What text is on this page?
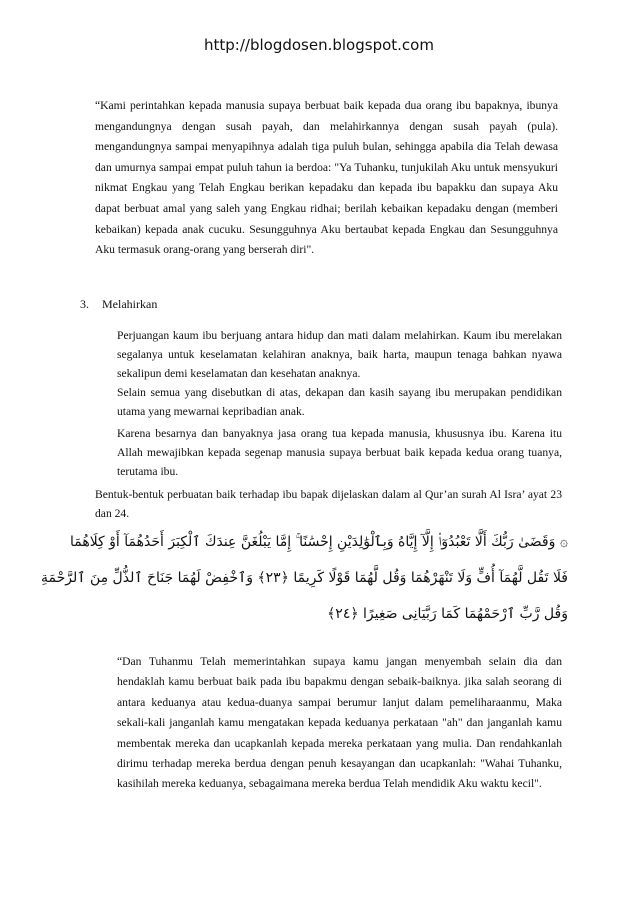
http://blogdosen.blogspot.com
“Kami perintahkan kepada manusia supaya berbuat baik kepada dua orang ibu bapaknya, ibunya mengandungnya dengan susah payah, dan melahirkannya dengan susah payah (pula). mengandungnya sampai menyapihnya adalah tiga puluh bulan, sehingga apabila dia Telah dewasa dan umurnya sampai empat puluh tahun ia berdoa: "Ya Tuhanku, tunjukilah Aku untuk mensyukuri nikmat Engkau yang Telah Engkau berikan kepadaku dan kepada ibu bapakku dan supaya Aku dapat berbuat amal yang saleh yang Engkau ridhai; berilah kebaikan kepadaku dengan (memberi kebaikan) kepada anak cucuku. Sesungguhnya Aku bertaubat kepada Engkau dan Sesungguhnya Aku termasuk orang-orang yang berserah diri".
3. Melahirkan
Perjuangan kaum ibu berjuang antara hidup dan mati dalam melahirkan. Kaum ibu merelakan segalanya untuk keselamatan kelahiran anaknya, baik harta, maupun tenaga bahkan nyawa sekalipun demi keselamatan dan kesehatan anaknya.
Selain semua yang disebutkan di atas, dekapan dan kasih sayang ibu merupakan pendidikan utama yang mewarnai kepribadian anak.
Karena besarnya dan banyaknya jasa orang tua kepada manusia, khususnya ibu. Karena itu Allah mewajibkan kepada segenap manusia supaya berbuat baik kepada kedua orang tuanya, terutama ibu.
Bentuk-bentuk perbuatan baik terhadap ibu bapak dijelaskan dalam al Qur’an surah Al Isra’ ayat 23 dan 24.
۞ وَقَضَىٰ رَبُّكَ أَلَّا تَعْبُدُوٓا۟ إِلَّآ إِيَّاهُ وَبِٱلْوَٰلِدَيْنِ إِحْسَٰنًا ۚ إِمَّا يَبْلُغَنَّ عِندَكَ ٱلْكِبَرَ أَحَدُهُمَآ أَوْ كِلَاهُمَا
فَلَا تَقُل لَّهُمَآ أُفٍّ وَلَا تَنْهَرْهُمَا وَقُل لَّهُمَا قَوْلًا كَرِيمًا ﴿٢٣﴾ وَٱخْفِضْ لَهُمَا جَنَاحَ ٱلذُّلِّ مِنَ ٱلرَّحْمَةِ
وَقُل رَّبِّ ٱرْحَمْهُمَا كَمَا رَبَّيَانِى صَغِيرًا ﴿٢٤﴾
“Dan Tuhanmu Telah memerintahkan supaya kamu jangan menyembah selain dia dan hendaklah kamu berbuat baik pada ibu bapakmu dengan sebaik-baiknya. jika salah seorang di antara keduanya atau kedua-duanya sampai berumur lanjut dalam pemeliharaanmu, Maka sekali-kali janganlah kamu mengatakan kepada keduanya perkataan "ah" dan janganlah kamu membentak mereka dan ucapkanlah kepada mereka perkataan yang mulia. Dan rendahkanlah dirimu terhadap mereka berdua dengan penuh kesayangan dan ucapkanlah: "Wahai Tuhanku, kasihilah mereka keduanya, sebagaimana mereka berdua Telah mendidik Aku waktu kecil".
